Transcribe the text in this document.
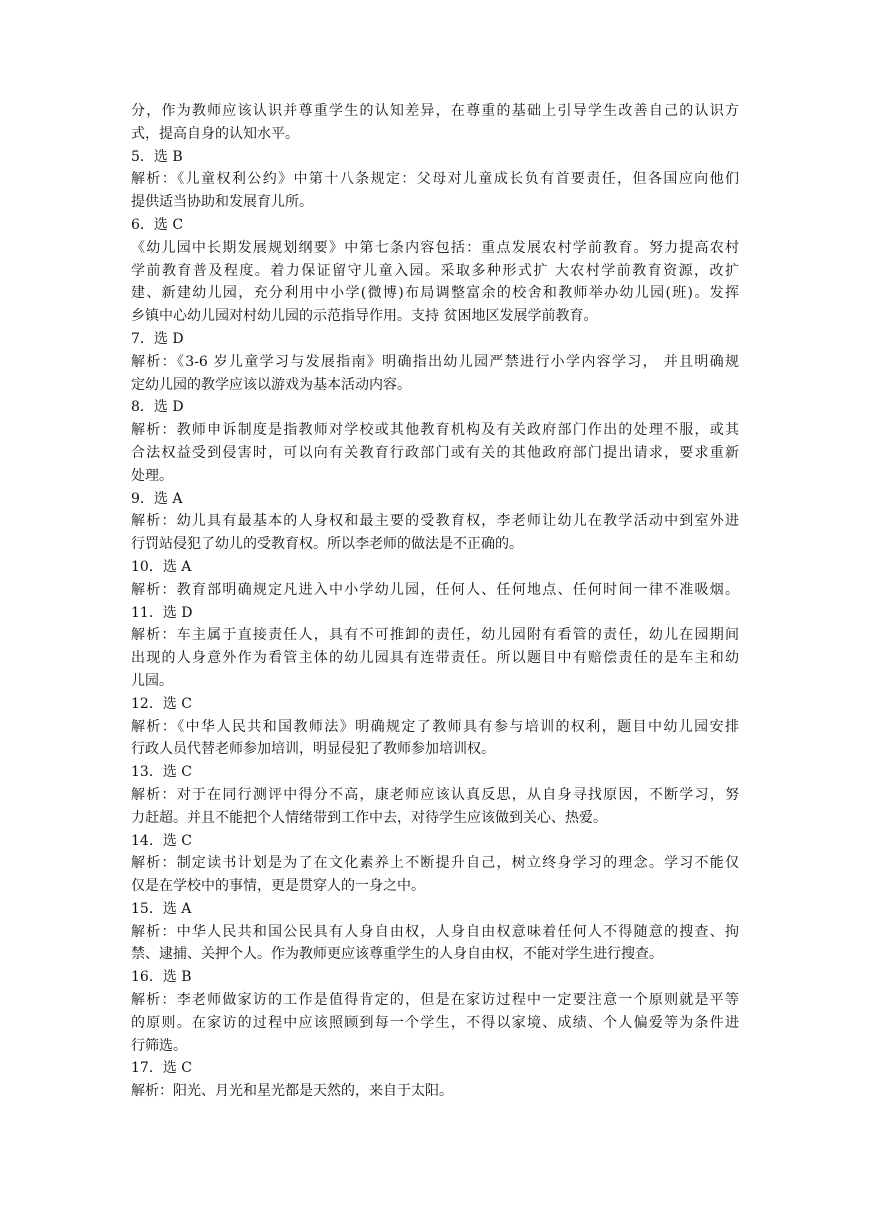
分，作为教师应该认识并尊重学生的认知差异，在尊重的基础上引导学生改善自己的认识方
式，提高自身的认知水平。
5．选 B
解析：《儿童权利公约》中第十八条规定：父母对儿童成长负有首要责任，但各国应向他们
提供适当协助和发展育儿所。
6．选 C
《幼儿园中长期发展规划纲要》中第七条内容包括：重点发展农村学前教育。努力提高农村
学前教育普及程度。着力保证留守儿童入园。采取多种形式扩 大农村学前教育资源，改扩
建、新建幼儿园，充分利用中小学(微博)布局调整富余的校舍和教师举办幼儿园(班)。发挥
乡镇中心幼儿园对村幼儿园的示范指导作用。支持 贫困地区发展学前教育。
7．选 D
解析：《3-6 岁儿童学习与发展指南》明确指出幼儿园严禁进行小学内容学习， 并且明确规
定幼儿园的教学应该以游戏为基本活动内容。
8．选 D
解析：教师申诉制度是指教师对学校或其他教育机构及有关政府部门作出的处理不服，或其
合法权益受到侵害时，可以向有关教育行政部门或有关的其他政府部门提出请求，要求重新
处理。
9．选 A
解析：幼儿具有最基本的人身权和最主要的受教育权，李老师让幼儿在教学活动中到室外进
行罚站侵犯了幼儿的受教育权。所以李老师的做法是不正确的。
10．选 A
解析：教育部明确规定凡进入中小学幼儿园，任何人、任何地点、任何时间一律不准吸烟。
11．选 D
解析：车主属于直接责任人，具有不可推卸的责任，幼儿园附有看管的责任，幼儿在园期间
出现的人身意外作为看管主体的幼儿园具有连带责任。所以题目中有赔偿责任的是车主和幼
儿园。
12．选 C
解析：《中华人民共和国教师法》明确规定了教师具有参与培训的权利，题目中幼儿园安排
行政人员代替老师参加培训，明显侵犯了教师参加培训权。
13．选 C
解析：对于在同行测评中得分不高，康老师应该认真反思，从自身寻找原因，不断学习，努
力赶超。并且不能把个人情绪带到工作中去，对待学生应该做到关心、热爱。
14．选 C
解析：制定读书计划是为了在文化素养上不断提升自己，树立终身学习的理念。学习不能仅
仅是在学校中的事情，更是贯穿人的一身之中。
15．选 A
解析：中华人民共和国公民具有人身自由权，人身自由权意味着任何人不得随意的搜查、拘
禁、逮捕、关押个人。作为教师更应该尊重学生的人身自由权，不能对学生进行搜查。
16．选 B
解析：李老师做家访的工作是值得肯定的，但是在家访过程中一定要注意一个原则就是平等
的原则。在家访的过程中应该照顾到每一个学生，不得以家境、成绩、个人偏爱等为条件进
行筛选。
17．选 C
解析：阳光、月光和星光都是天然的，来自于太阳。
